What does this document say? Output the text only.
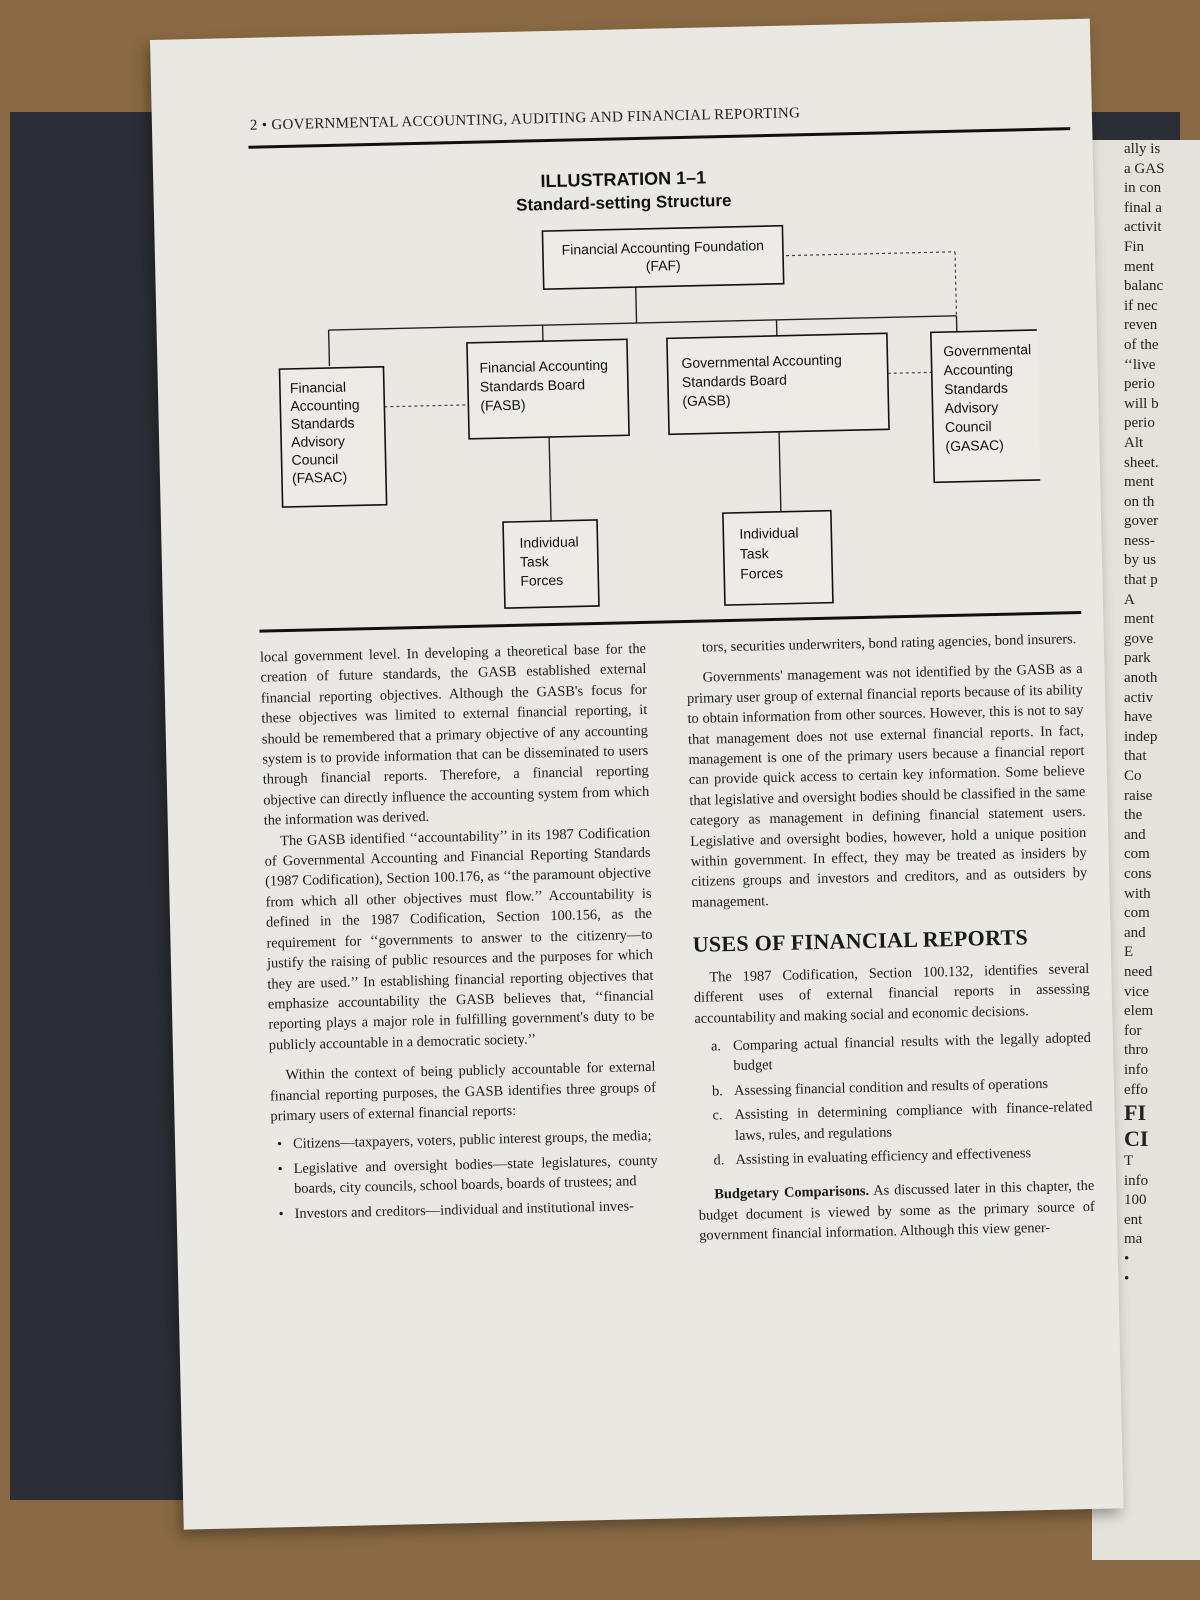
ally is
a GAS
in con
final a
activit
Fin
ment
balanc
if nec
reven
of the
‘‘live
perio
will b
perio
Alt
sheet.
ment
on th
gover
ness-
by us
that p
A
ment
gove
park
anoth
activ
have
indep
that
Co
raise
the
and
com
cons
with
com
and
E
need
vice
elem
for
thro
info
effo
FI
CI
T
info
100
ent
ma
•
•
2 • GOVERNMENTAL ACCOUNTING, AUDITING AND FINANCIAL REPORTING
ILLUSTRATION 1–1
Standard-setting Structure
Financial Accounting Foundation(FAF)
FinancialAccountingStandardsAdvisoryCouncil(FASAC)
Financial AccountingStandards Board(FASB)
Governmental AccountingStandards Board(GASB)
GovernmentalAccountingStandardsAdvisoryCouncil(GASAC)
IndividualTaskForces
IndividualTaskForces

local government level. In developing a theoretical base for the creation of future standards, the GASB established external financial reporting objectives. Although the GASB's focus for these objectives was limited to external financial reporting, it should be remembered that a primary objective of any accounting system is to provide information that can be disseminated to users through financial reports. Therefore, a financial reporting objective can directly influence the accounting system from which the information was derived.

The GASB identified ‘‘accountability’’ in its 1987 Codification of Governmental Accounting and Financial Reporting Standards (1987 Codification), Section 100.176, as ‘‘the paramount objective from which all other objectives must flow.’’ Accountability is defined in the 1987 Codification, Section 100.156, as the requirement for ‘‘governments to answer to the citizenry—to justify the raising of public resources and the purposes for which they are used.’’ In establishing financial reporting objectives that emphasize accountability the GASB believes that, ‘‘financial reporting plays a major role in fulfilling government's duty to be publicly accountable in a democratic society.’’

Within the context of being publicly accountable for external financial reporting purposes, the GASB identifies three groups of primary users of external financial reports:

• Citizens—taxpayers, voters, public interest groups, the media;
• Legislative and oversight bodies—state legislatures, county boards, city councils, school boards, boards of trustees; and
• Investors and creditors—individual and institutional inves-

tors, securities underwriters, bond rating agencies, bond insurers.

Governments' management was not identified by the GASB as a primary user group of external financial reports because of its ability to obtain information from other sources. However, this is not to say that management does not use external financial reports. In fact, management is one of the primary users because a financial report can provide quick access to certain key information. Some believe that legislative and oversight bodies should be classified in the same category as management in defining financial statement users. Legislative and oversight bodies, however, hold a unique position within government. In effect, they may be treated as insiders by citizens groups and investors and creditors, and as outsiders by management.

USES OF FINANCIAL REPORTS

The 1987 Codification, Section 100.132, identifies several different uses of external financial reports in assessing accountability and making social and economic decisions.

a. Comparing actual financial results with the legally adopted budget
b. Assessing financial condition and results of operations
c. Assisting in determining compliance with finance-related laws, rules, and regulations
d. Assisting in evaluating efficiency and effectiveness

Budgetary Comparisons. As discussed later in this chapter, the budget document is viewed by some as the primary source of government financial information. Although this view gener-
